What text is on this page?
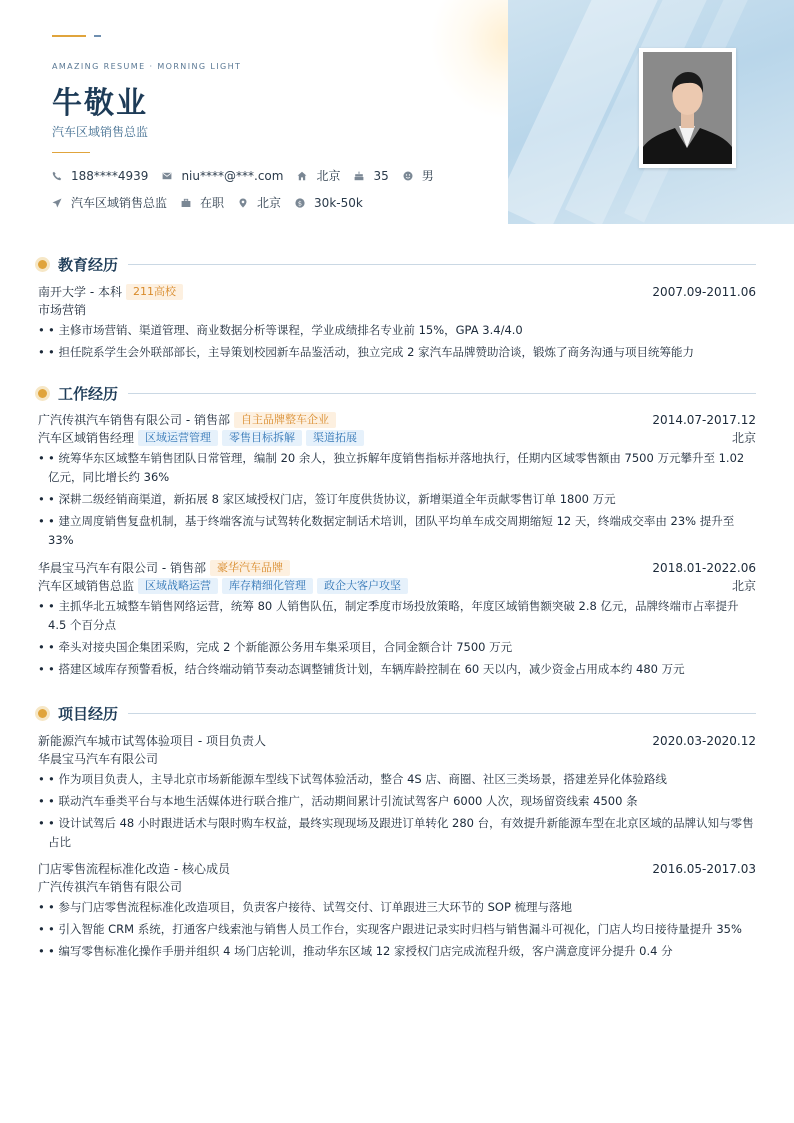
AMAZING RESUME · MORNING LIGHT
牛敬业
汽车区域销售总监
188****4939	niu****@***.com	北京	35	男
汽车区域销售总监	在职	北京	$ 30k-50k
教育经历
南开大学 - 本科	211高校	2007.09-2011.06
市场营销
• • 主修市场营销、渠道管理、商业数据分析等课程，学业成绩排名专业前 15%，GPA 3.4/4.0
• • 担任院系学生会外联部部长，主导策划校园新车品鉴活动，独立完成 2 家汽车品牌赞助洽谈，锻炼了商务沟通与项目统筹能力
工作经历
广汽传祺汽车销售有限公司 - 销售部	自主品牌整车企业	2014.07-2017.12
汽车区域销售经理	区域运营管理	零售目标拆解	渠道拓展	北京
• • 统筹华东区域整车销售团队日常管理，编制 20 余人，独立拆解年度销售指标并落地执行，任期内区域零售额由 7500 万元攀升至 1.02 亿元，同比增长约 36%
• • 深耕二级经销商渠道，新拓展 8 家区域授权门店，签订年度供货协议，新增渠道全年贡献零售订单 1800 万元
• • 建立周度销售复盘机制，基于终端客流与试驾转化数据定制话术培训，团队平均单车成交周期缩短 12 天，终端成交率由 23% 提升至 33%
华晨宝马汽车有限公司 - 销售部	豪华汽车品牌	2018.01-2022.06
汽车区域销售总监	区域战略运营	库存精细化管理	政企大客户攻坚	北京
• • 主抓华北五城整车销售网络运营，统筹 80 人销售队伍，制定季度市场投放策略，年度区域销售额突破 2.8 亿元，品牌终端市占率提升 4.5 个百分点
• • 牵头对接央国企集团采购，完成 2 个新能源公务用车集采项目，合同金额合计 7500 万元
• • 搭建区域库存预警看板，结合终端动销节奏动态调整铺货计划，车辆库龄控制在 60 天以内，减少资金占用成本约 480 万元
项目经历
新能源汽车城市试驾体验项目 - 项目负责人	2020.03-2020.12
华晨宝马汽车有限公司
• • 作为项目负责人，主导北京市场新能源车型线下试驾体验活动，整合 4S 店、商圈、社区三类场景，搭建差异化体验路线
• • 联动汽车垂类平台与本地生活媒体进行联合推广，活动期间累计引流试驾客户 6000 人次，现场留资线索 4500 条
• • 设计试驾后 48 小时跟进话术与限时购车权益，最终实现现场及跟进订单转化 280 台，有效提升新能源车型在北京区域的品牌认知与零售占比
门店零售流程标准化改造 - 核心成员	2016.05-2017.03
广汽传祺汽车销售有限公司
• • 参与门店零售流程标准化改造项目，负责客户接待、试驾交付、订单跟进三大环节的 SOP 梳理与落地
• • 引入智能 CRM 系统，打通客户线索池与销售人员工作台，实现客户跟进记录实时归档与销售漏斗可视化，门店人均日接待量提升 35%
• • 编写零售标准化操作手册并组织 4 场门店轮训，推动华东区域 12 家授权门店完成流程升级，客户满意度评分提升 0.4 分
